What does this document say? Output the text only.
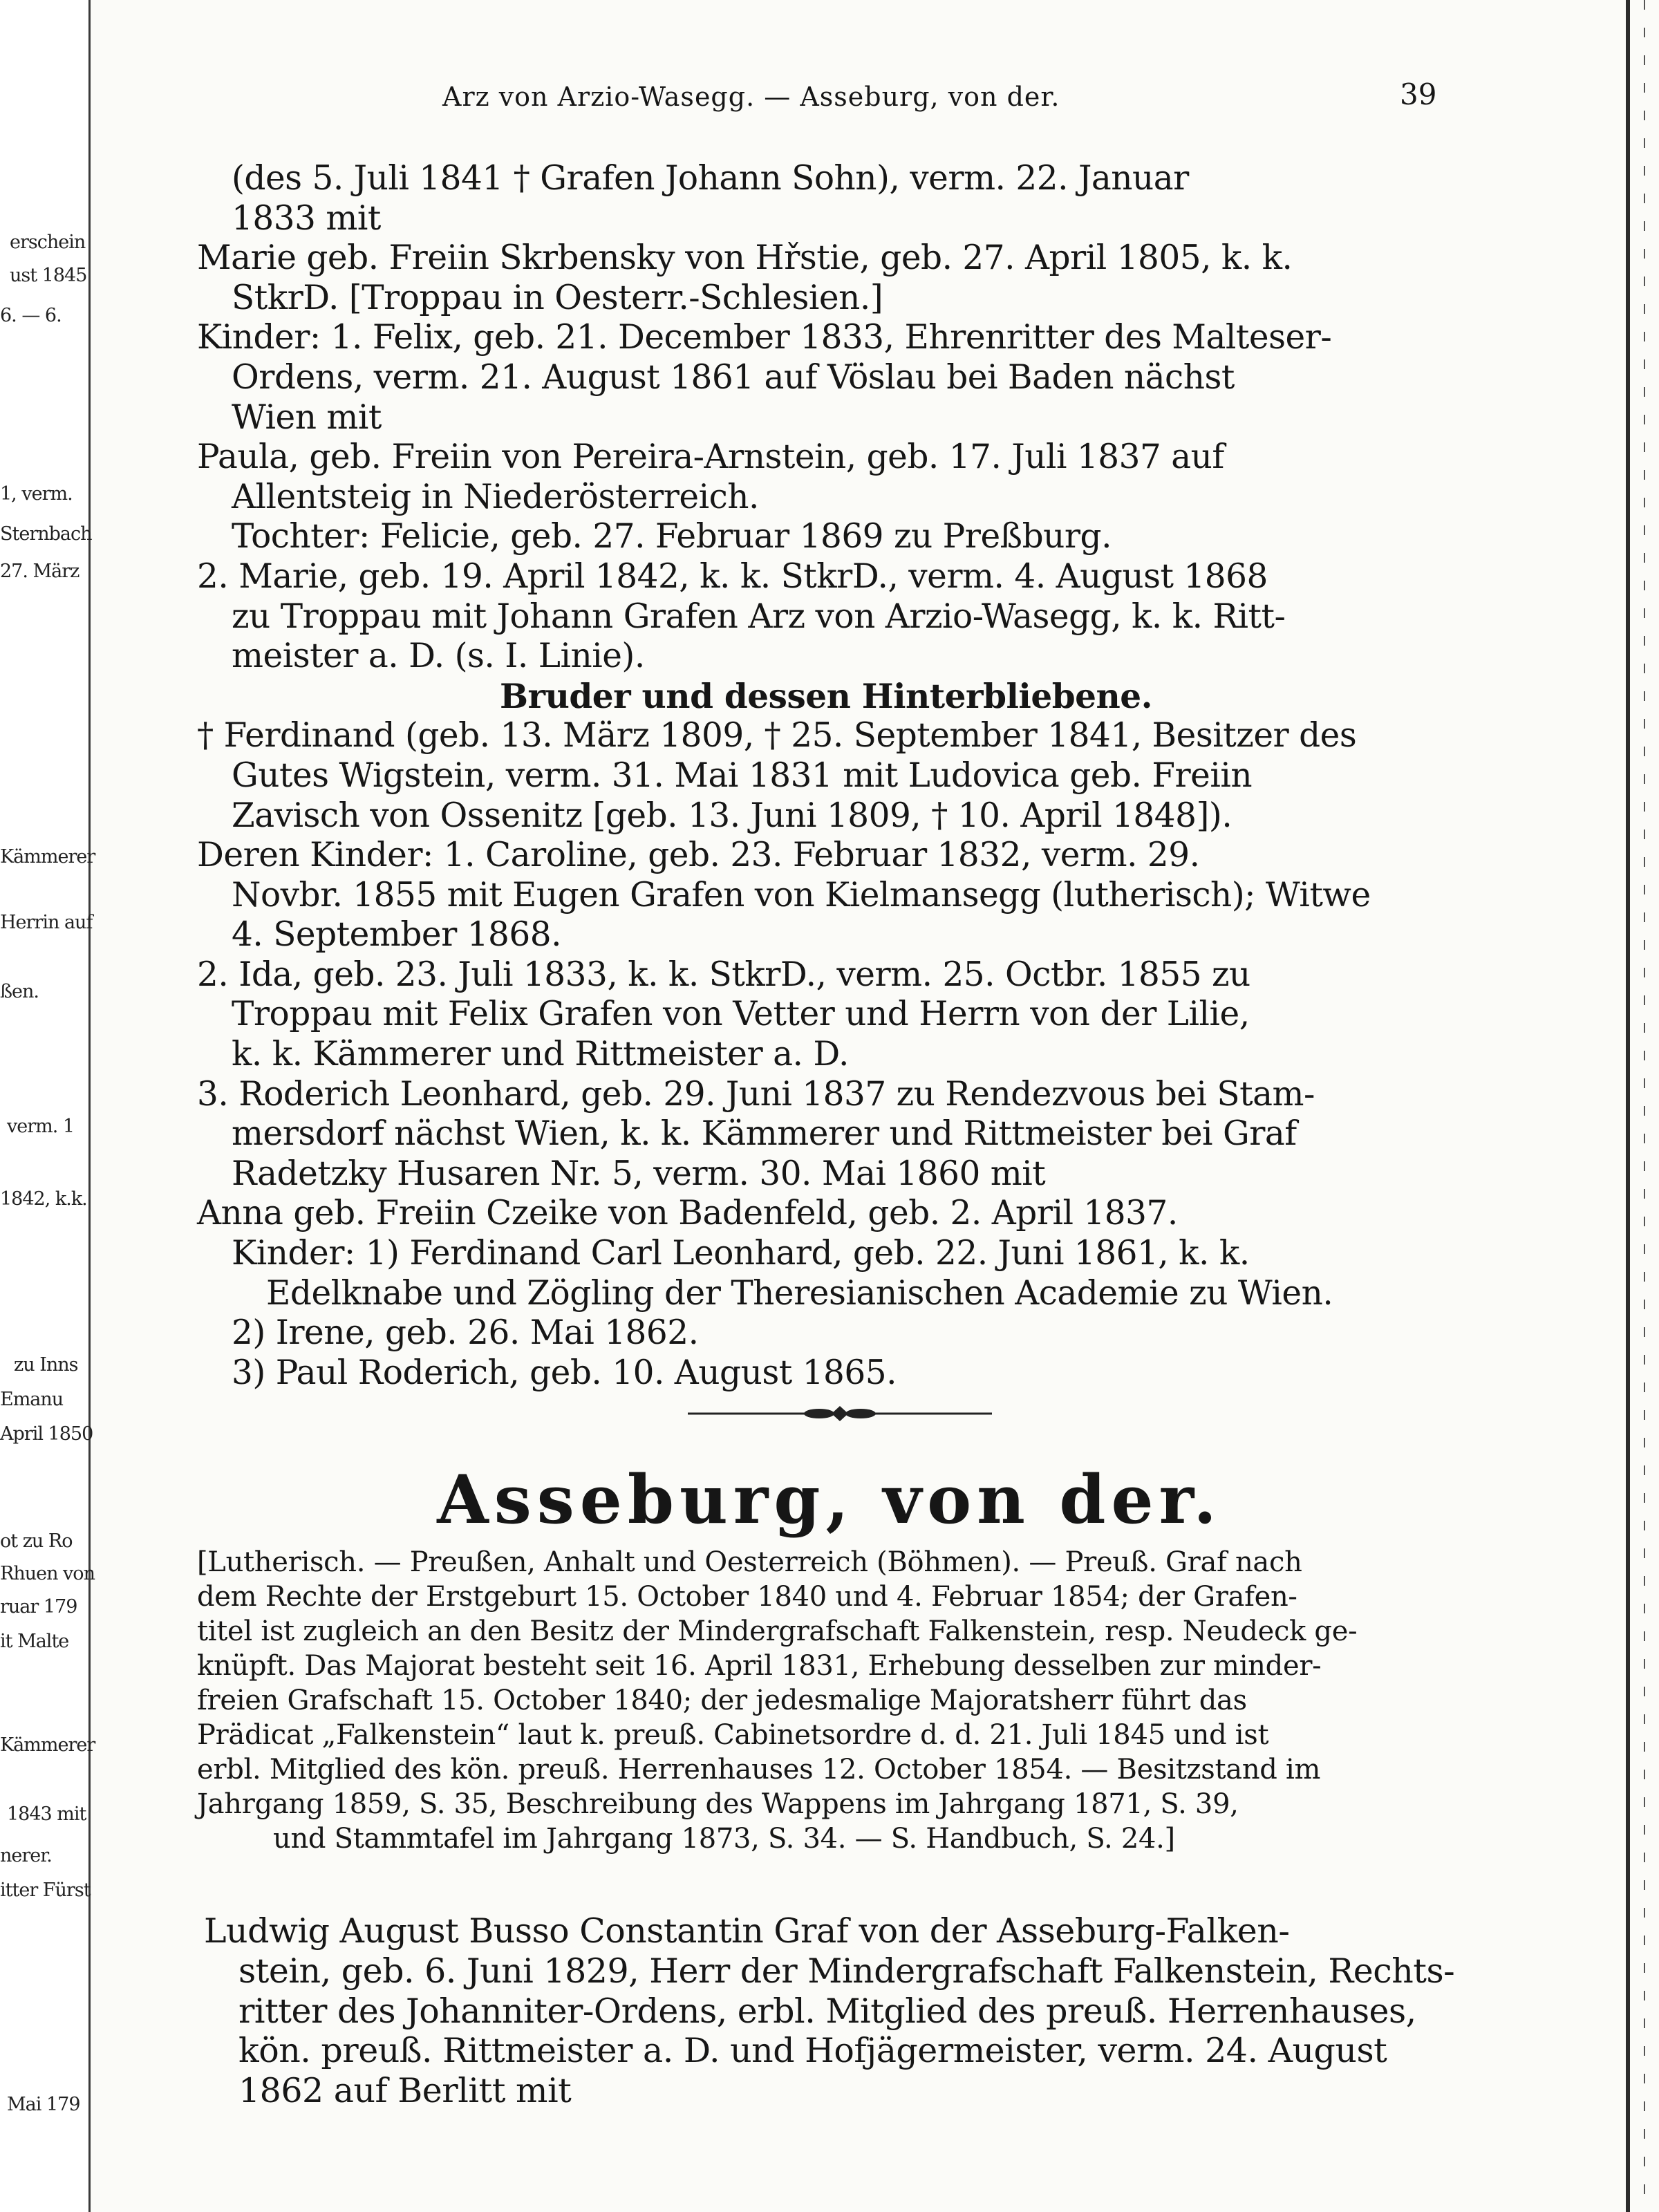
erschein
ust 1845
6. — 6.
1, verm.
Sternbach
27. März
Kämmerer
Herrin auf
ßen.
verm. 1
1842, k.k.
zu Inns
Emanu
April 1850
ot zu Ro
Rhuen von
ruar 179
it Malte
Kämmerer
1843 mit
nerer.
itter Fürst
Mai 179
Arz von Arzio-Wasegg. — Asseburg, von der.	39
(des 5. Juli 1841 † Grafen Johann Sohn), verm. 22. Januar
1833 mit
Marie geb. Freiin Skrbensky von Hřstie, geb. 27. April 1805, k. k.
StkrD. [Troppau in Oesterr.-Schlesien.]
Kinder: 1. Felix, geb. 21. December 1833, Ehrenritter des Malteser-
Ordens, verm. 21. August 1861 auf Vöslau bei Baden nächst
Wien mit
Paula, geb. Freiin von Pereira-Arnstein, geb. 17. Juli 1837 auf
Allentsteig in Niederösterreich.
Tochter: Felicie, geb. 27. Februar 1869 zu Preßburg.
2. Marie, geb. 19. April 1842, k. k. StkrD., verm. 4. August 1868
zu Troppau mit Johann Grafen Arz von Arzio-Wasegg, k. k. Ritt-
meister a. D. (s. I. Linie).
Bruder und dessen Hinterbliebene.
† Ferdinand (geb. 13. März 1809, † 25. September 1841, Besitzer des
Gutes Wigstein, verm. 31. Mai 1831 mit Ludovica geb. Freiin
Zavisch von Ossenitz [geb. 13. Juni 1809, † 10. April 1848]).
Deren Kinder: 1. Caroline, geb. 23. Februar 1832, verm. 29.
Novbr. 1855 mit Eugen Grafen von Kielmansegg (lutherisch); Witwe
4. September 1868.
2. Ida, geb. 23. Juli 1833, k. k. StkrD., verm. 25. Octbr. 1855 zu
Troppau mit Felix Grafen von Vetter und Herrn von der Lilie,
k. k. Kämmerer und Rittmeister a. D.
3. Roderich Leonhard, geb. 29. Juni 1837 zu Rendezvous bei Stam-
mersdorf nächst Wien, k. k. Kämmerer und Rittmeister bei Graf
Radetzky Husaren Nr. 5, verm. 30. Mai 1860 mit
Anna geb. Freiin Czeike von Badenfeld, geb. 2. April 1837.
Kinder: 1) Ferdinand Carl Leonhard, geb. 22. Juni 1861, k. k.
Edelknabe und Zögling der Theresianischen Academie zu Wien.
2) Irene, geb. 26. Mai 1862.
3) Paul Roderich, geb. 10. August 1865.
Asseburg, von der.
[Lutherisch. — Preußen, Anhalt und Oesterreich (Böhmen). — Preuß. Graf nach
dem Rechte der Erstgeburt 15. October 1840 und 4. Februar 1854; der Grafen-
titel ist zugleich an den Besitz der Mindergrafschaft Falkenstein, resp. Neudeck ge-
knüpft. Das Majorat besteht seit 16. April 1831, Erhebung desselben zur minder-
freien Grafschaft 15. October 1840; der jedesmalige Majoratsherr führt das
Prädicat „Falkenstein“ laut k. preuß. Cabinetsordre d. d. 21. Juli 1845 und ist
erbl. Mitglied des kön. preuß. Herrenhauses 12. October 1854. — Besitzstand im
Jahrgang 1859, S. 35, Beschreibung des Wappens im Jahrgang 1871, S. 39,
und Stammtafel im Jahrgang 1873, S. 34. — S. Handbuch, S. 24.]
Ludwig August Busso Constantin Graf von der Asseburg-Falken-
stein, geb. 6. Juni 1829, Herr der Mindergrafschaft Falkenstein, Rechts-
ritter des Johanniter-Ordens, erbl. Mitglied des preuß. Herrenhauses,
kön. preuß. Rittmeister a. D. und Hofjägermeister, verm. 24. August
1862 auf Berlitt mit
